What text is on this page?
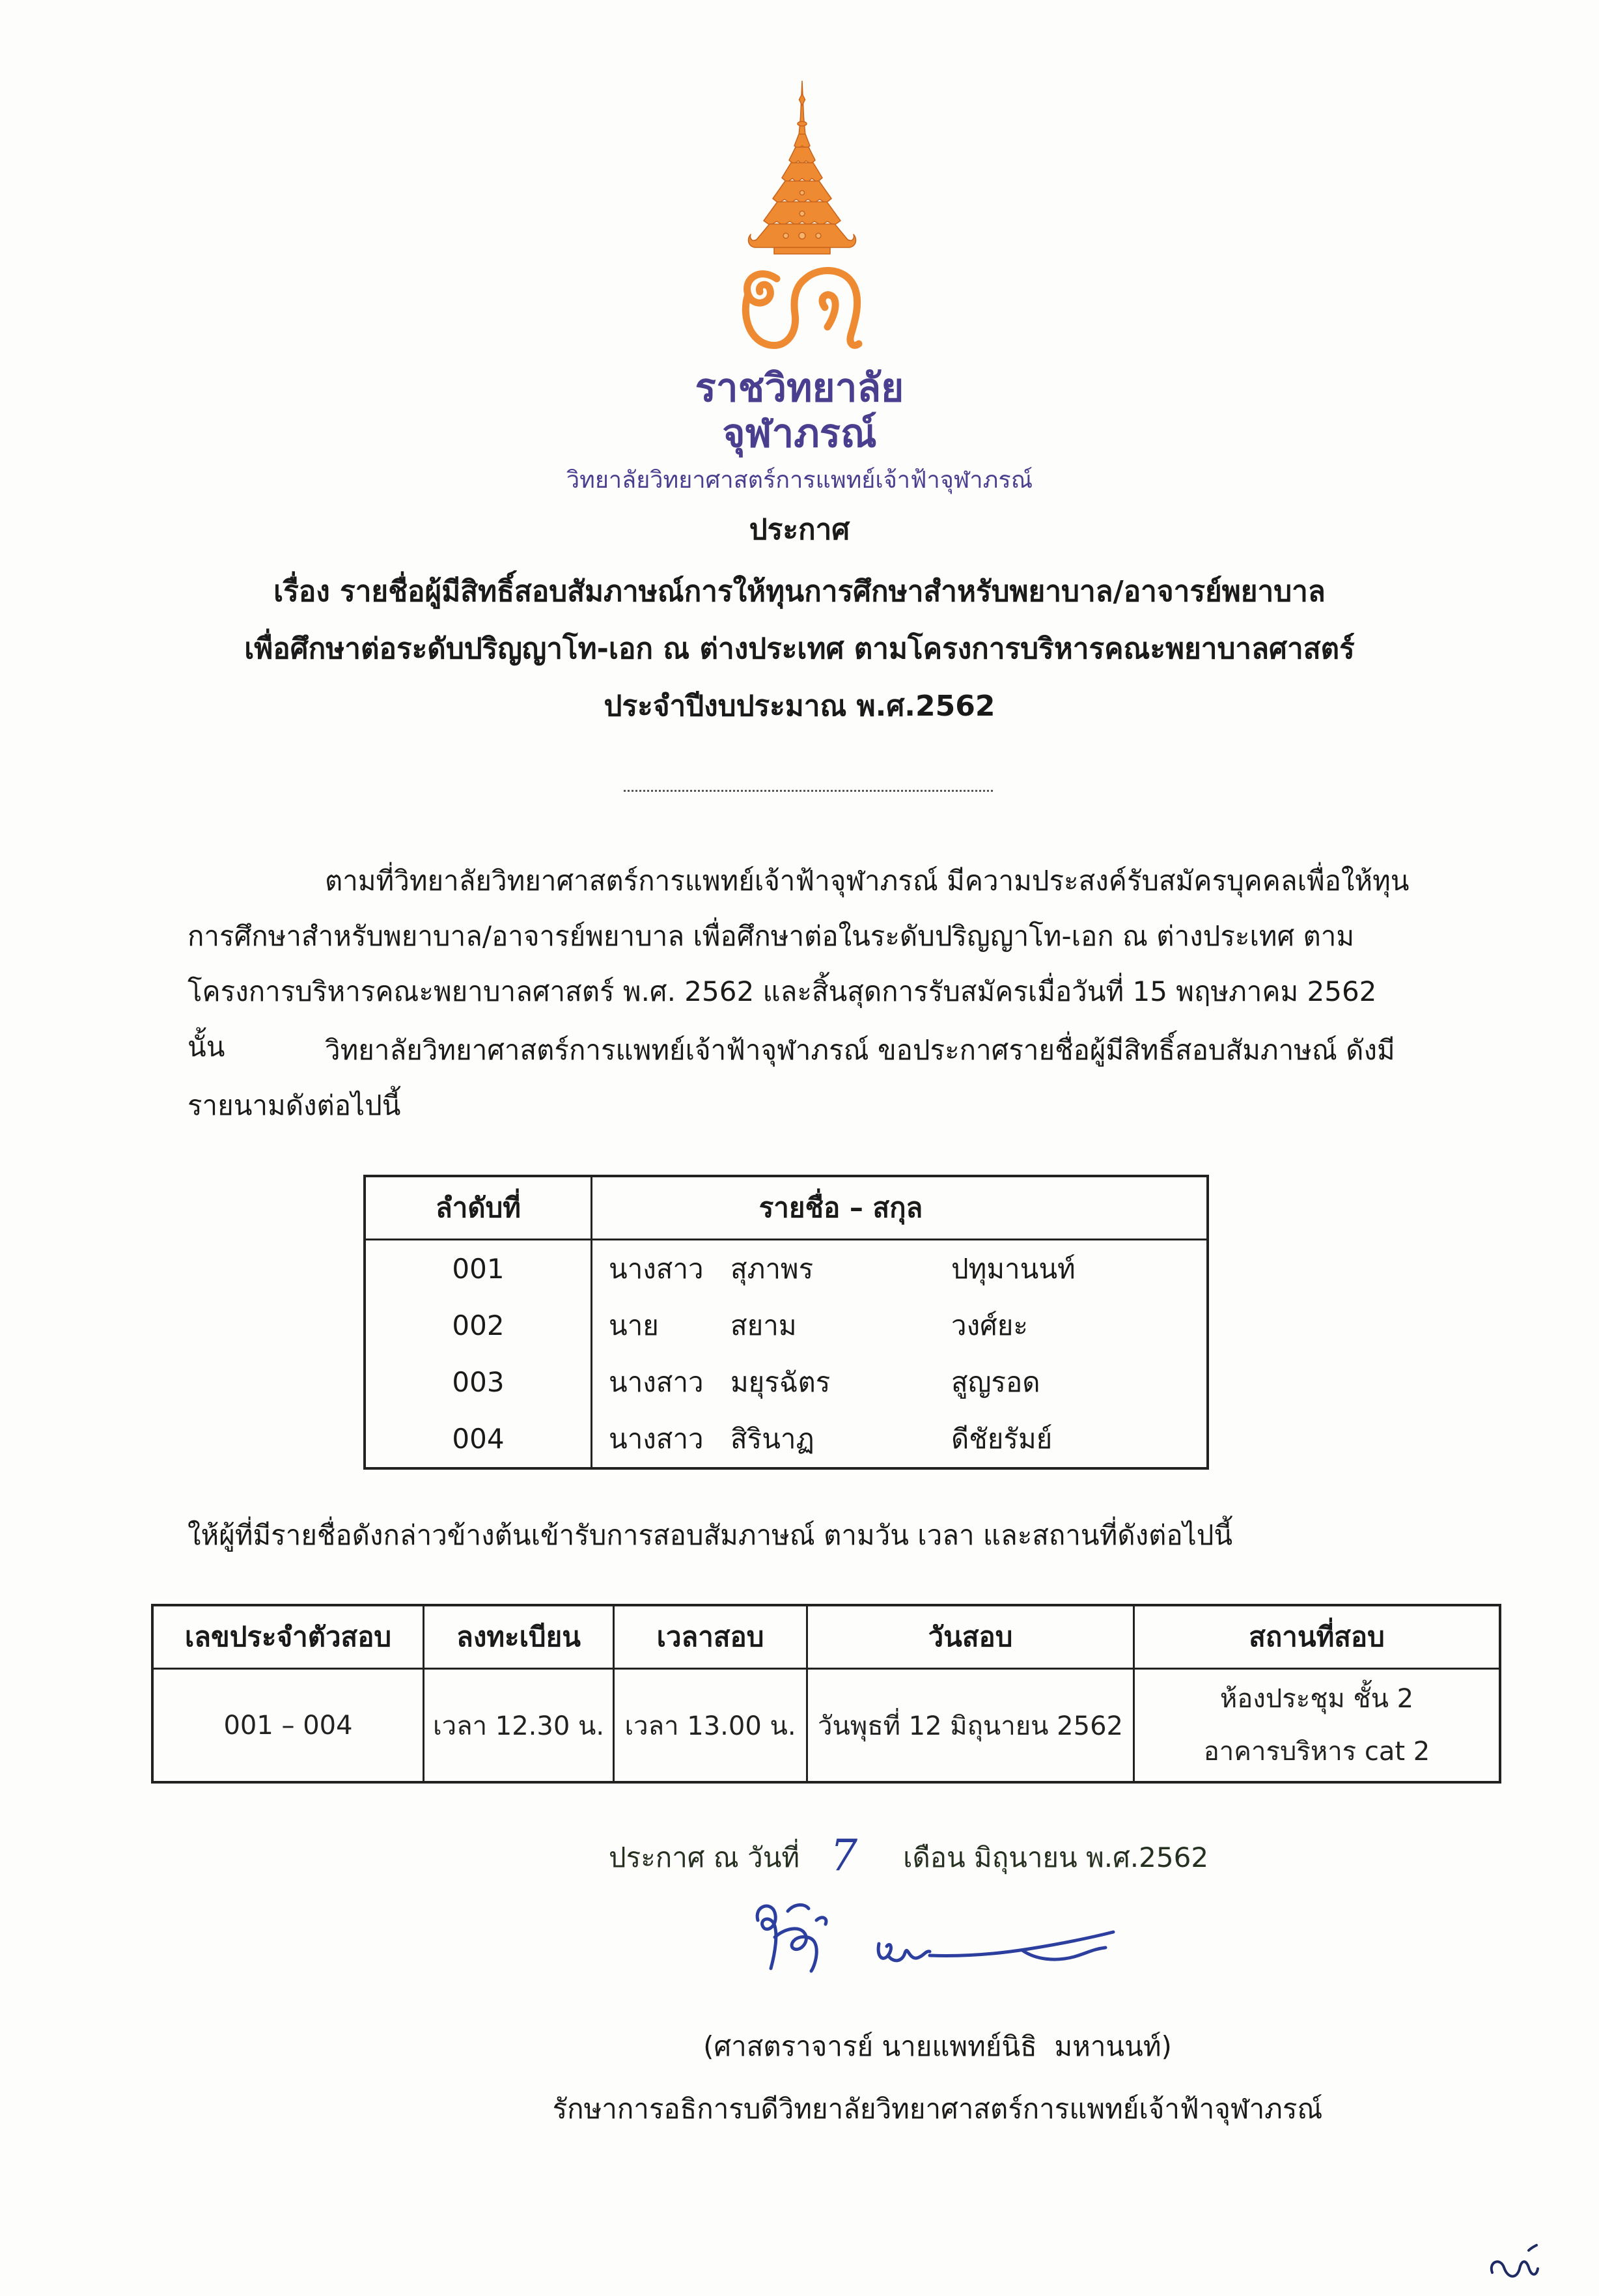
ราชวิทยาลัย
จุฬาภรณ์
วิทยาลัยวิทยาศาสตร์การแพทย์เจ้าฟ้าจุฬาภรณ์
ประกาศ
เรื่อง รายชื่อผู้มีสิทธิ์สอบสัมภาษณ์การให้ทุนการศึกษาสำหรับพยาบาล/อาจารย์พยาบาล
เพื่อศึกษาต่อระดับปริญญาโท-เอก ณ ต่างประเทศ ตามโครงการบริหารคณะพยาบาลศาสตร์
ประจำปีงบประมาณ พ.ศ.2562

ตามที่วิทยาลัยวิทยาศาสตร์การแพทย์เจ้าฟ้าจุฬาภรณ์ มีความประสงค์รับสมัครบุคคลเพื่อให้ทุนการศึกษาสำหรับพยาบาล/อาจารย์พยาบาล เพื่อศึกษาต่อในระดับปริญญาโท-เอก ณ ต่างประเทศ ตามโครงการบริหารคณะพยาบาลศาสตร์ พ.ศ. 2562 และสิ้นสุดการรับสมัครเมื่อวันที่ 15 พฤษภาคม 2562 นั้น	วิทยาลัยวิทยาศาสตร์การแพทย์เจ้าฟ้าจุฬาภรณ์ ขอประกาศรายชื่อผู้มีสิทธิ์สอบสัมภาษณ์ ดังมีรายนามดังต่อไปนี้

ลำดับที่	รายชื่อ – สกุล		
001	นางสาว	สุภาพร	ปทุมานนท์
002	นาย	สยาม	วงศ์ยะ
003	นางสาว	มยุรฉัตร	สูญรอด
004	นางสาว	สิรินาฏ	ดีชัยรัมย์

ให้ผู้ที่มีรายชื่อดังกล่าวข้างต้นเข้ารับการสอบสัมภาษณ์ ตามวัน เวลา และสถานที่ดังต่อไปนี้

เลขประจำตัวสอบ	ลงทะเบียน	เวลาสอบ	วันสอบ	สถานที่สอบ
001 – 004	เวลา 12.30 น.	เวลา 13.00 น.	วันพุธที่ 12 มิถุนายน 2562	ห้องประชุม ชั้น 2
อาคารบริหาร cat 2
ประกาศ ณ วันที่ 7 เดือน มิถุนายน พ.ศ.2562
(ศาสตราจารย์ นายแพทย์นิธิ  มหานนท์)
รักษาการอธิการบดีวิทยาลัยวิทยาศาสตร์การแพทย์เจ้าฟ้าจุฬาภรณ์
